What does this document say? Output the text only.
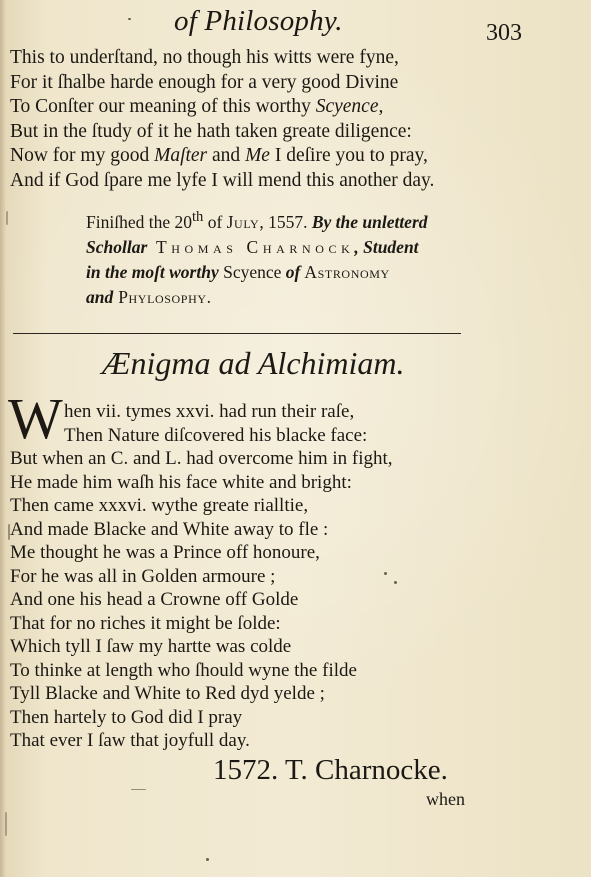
of Philosophy.	303
This to underſtand, no though his witts were fyne,
For it ſhalbe harde enough for a very good Divine
To Conſter our meaning of this worthy Scyence,
But in the ſtudy of it he hath taken greate diligence:
Now for my good Maſter and Me I deſire you to pray,
And if God ſpare me lyfe I will mend this another day.
Finiſhed the 20th of July, 1557. By the unletterd
Schollar Thomas Charnock, Student
in the moſt worthy Scyence of Astronomy
and Phylosophy.
Ænigma ad Alchimiam.
W hen vii. tymes xxvi. had run their raſe,
Then Nature diſcovered his blacke face:
But when an C. and L. had overcome him in fight,
He made him waſh his face white and bright:
Then came xxxvi. wythe greate rialltie,
And made Blacke and White away to fle :
Me thought he was a Prince off honoure,
For he was all in Golden armoure ;
And one his head a Crowne off Golde
That for no riches it might be ſolde:
Which tyll I ſaw my hartte was colde
To thinke at length who ſhould wyne the filde
Tyll Blacke and White to Red dyd yelde ;
Then hartely to God did I pray
That ever I ſaw that joyfull day.
1572. T. Charnocke.
when
